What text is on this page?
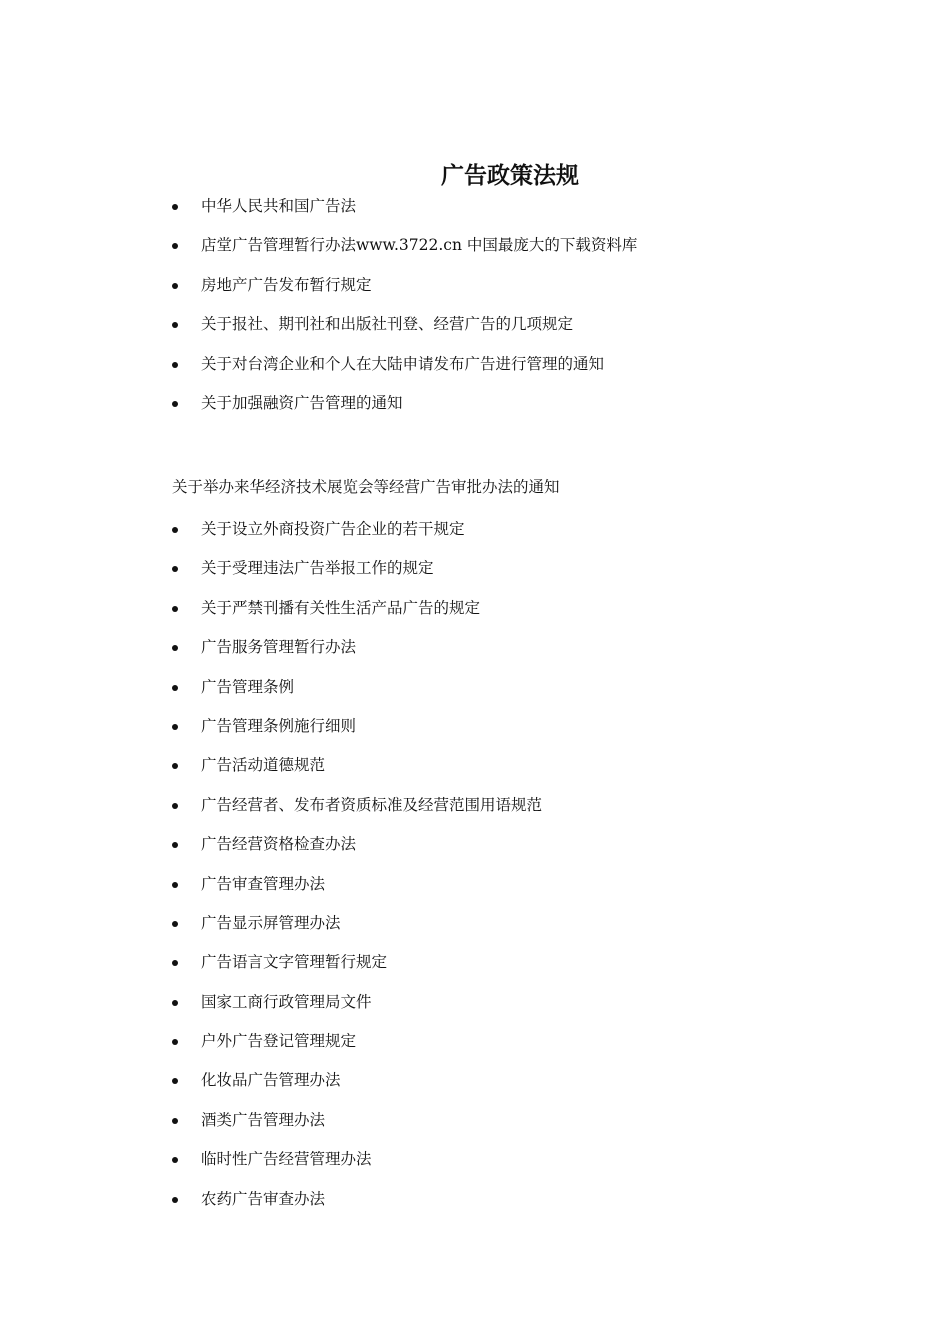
广告政策法规
中华人民共和国广告法
店堂广告管理暂行办法www.3722.cn 中国最庞大的下载资料库
房地产广告发布暂行规定
关于报社、期刊社和出版社刊登、经营广告的几项规定
关于对台湾企业和个人在大陆申请发布广告进行管理的通知
关于加强融资广告管理的通知
关于举办来华经济技术展览会等经营广告审批办法的通知
关于设立外商投资广告企业的若干规定
关于受理违法广告举报工作的规定
关于严禁刊播有关性生活产品广告的规定
广告服务管理暂行办法
广告管理条例
广告管理条例施行细则
广告活动道德规范
广告经营者、发布者资质标准及经营范围用语规范
广告经营资格检查办法
广告审查管理办法
广告显示屏管理办法
广告语言文字管理暂行规定
国家工商行政管理局文件
户外广告登记管理规定
化妆品广告管理办法
酒类广告管理办法
临时性广告经营管理办法
农药广告审查办法
